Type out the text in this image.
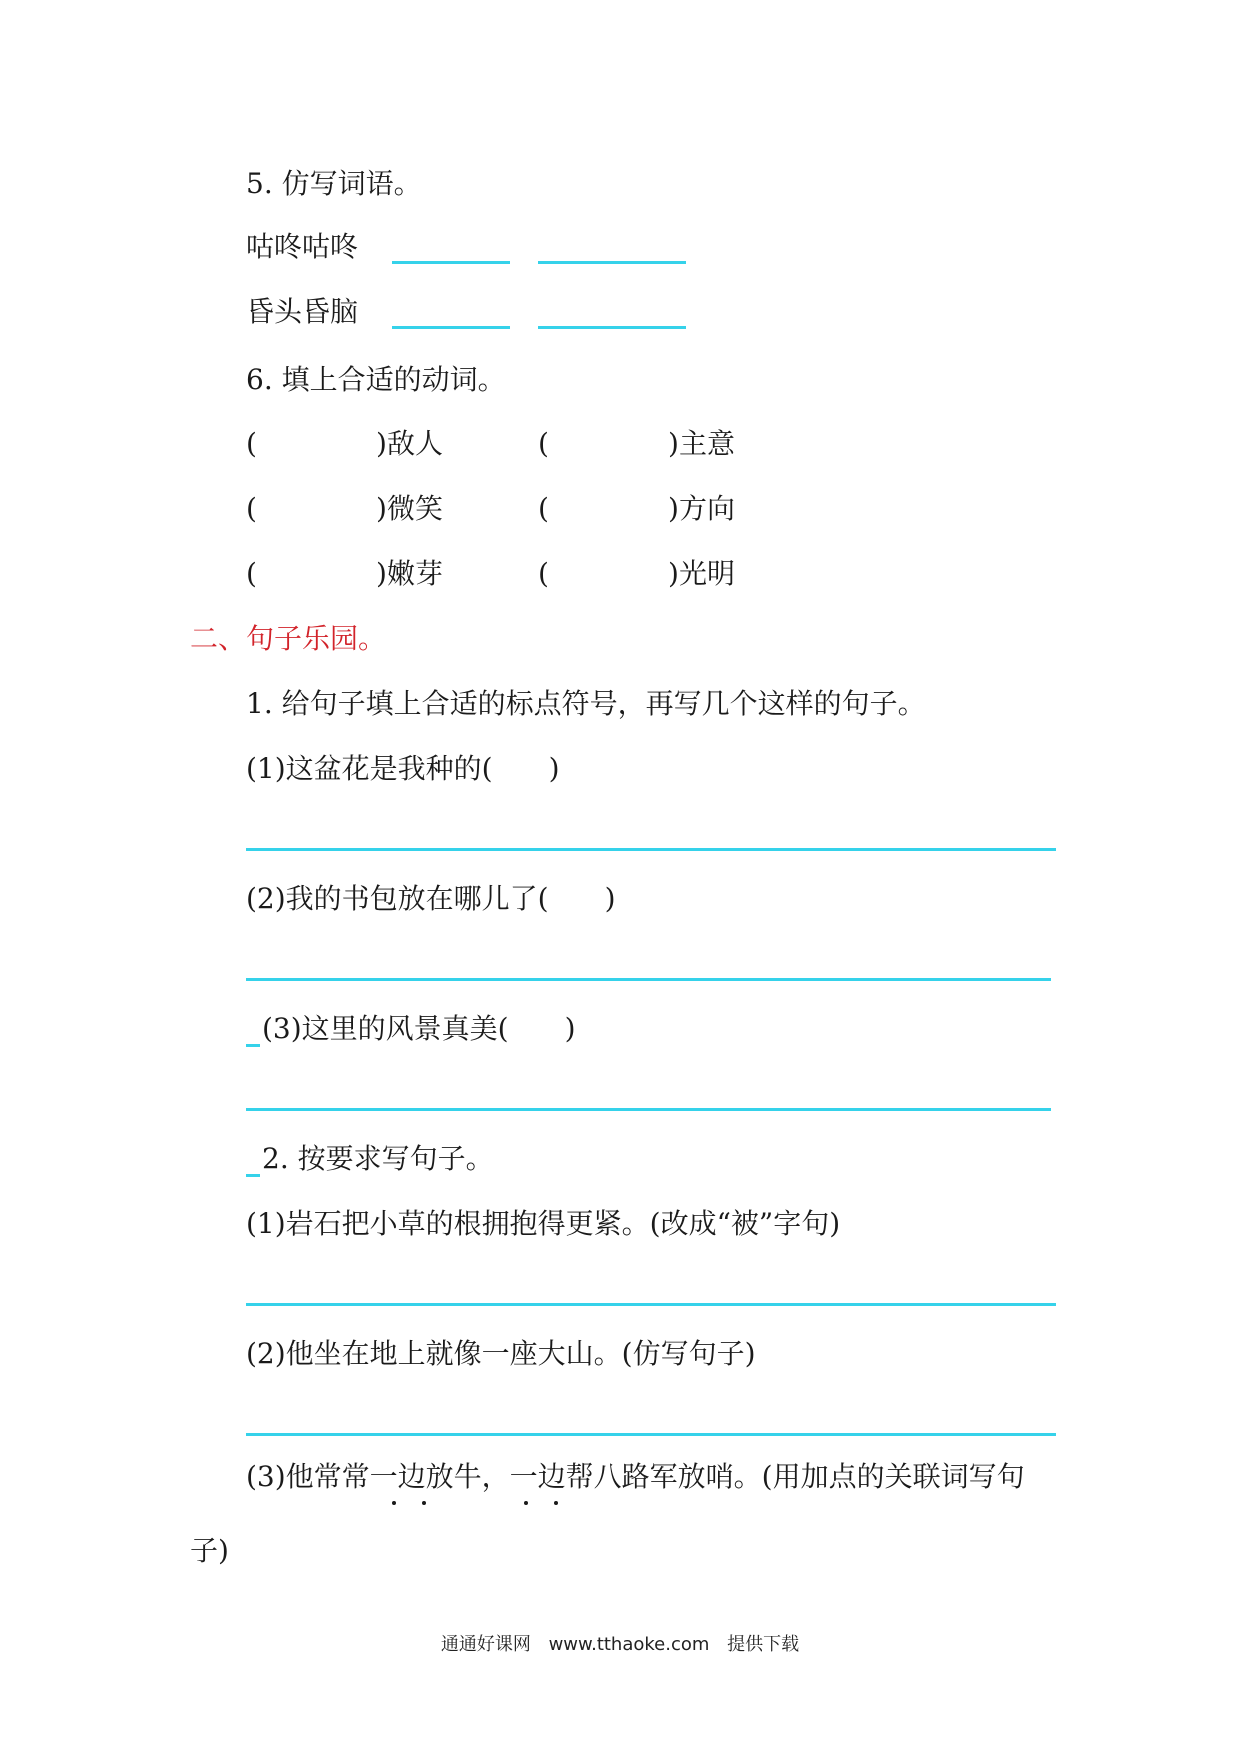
5. 仿写词语。
咕咚咕咚
昏头昏脑
6. 填上合适的动词。
(	)敌人	(	)主意
(	)微笑	(	)方向
(	)嫩芽	(	)光明
二、句子乐园。
1. 给句子填上合适的标点符号，再写几个这样的句子。
(1)这盆花是我种的(　　)
(2)我的书包放在哪儿了(　　)
(3)这里的风景真美(　　)
2. 按要求写句子。
(1)岩石把小草的根拥抱得更紧。(改成“被”字句)
(2)他坐在地上就像一座大山。(仿写句子)
(3)他常常一边放牛，一边帮八路军放哨。(用加点的关联词写句
子)
通通好课网 www.tthaoke.com 提供下载
